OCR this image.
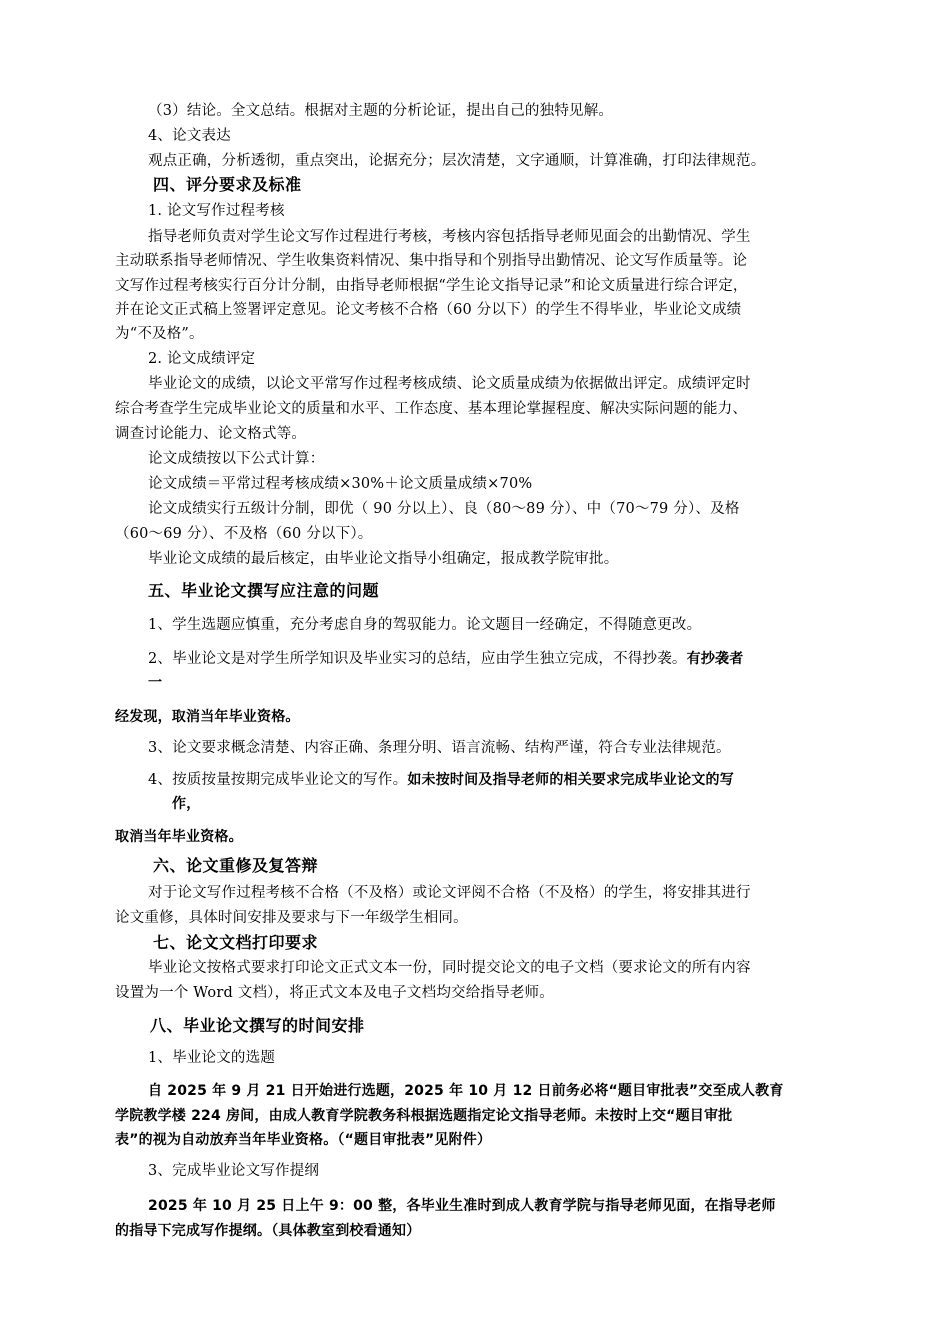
（3）结论。全文总结。根据对主题的分析论证，提出自己的独特见解。
4、论文表达
观点正确，分析透彻，重点突出，论据充分；层次清楚，文字通顺，计算准确，打印法律规范。
四、评分要求及标准
1. 论文写作过程考核
指导老师负责对学生论文写作过程进行考核，考核内容包括指导老师见面会的出勤情况、学生
主动联系指导老师情况、学生收集资料情况、集中指导和个别指导出勤情况、论文写作质量等。论
文写作过程考核实行百分计分制，由指导老师根据“学生论文指导记录”和论文质量进行综合评定，
并在论文正式稿上签署评定意见。论文考核不合格（60 分以下）的学生不得毕业，毕业论文成绩
为“不及格”。
2. 论文成绩评定
毕业论文的成绩，以论文平常写作过程考核成绩、论文质量成绩为依据做出评定。成绩评定时
综合考查学生完成毕业论文的质量和水平、工作态度、基本理论掌握程度、解决实际问题的能力、
调查讨论能力、论文格式等。
论文成绩按以下公式计算：
论文成绩＝平常过程考核成绩×30%＋论文质量成绩×70%
论文成绩实行五级计分制，即优（ 90 分以上）、良（80～89 分）、中（70～79 分）、及格
（60～69 分）、不及格（60 分以下）。
毕业论文成绩的最后核定，由毕业论文指导小组确定，报成教学院审批。
五、毕业论文撰写应注意的问题
1、学生选题应慎重，充分考虑自身的驾驭能力。论文题目一经确定，不得随意更改。
2、毕业论文是对学生所学知识及毕业实习的总结，应由学生独立完成，不得抄袭。有抄袭者
一
经发现，取消当年毕业资格。
3、论文要求概念清楚、内容正确、条理分明、语言流畅、结构严谨，符合专业法律规范。
4、按质按量按期完成毕业论文的写作。如未按时间及指导老师的相关要求完成毕业论文的写
作，
取消当年毕业资格。
六、论文重修及复答辩
对于论文写作过程考核不合格（不及格）或论文评阅不合格（不及格）的学生，将安排其进行
论文重修，具体时间安排及要求与下一年级学生相同。
七、论文文档打印要求
毕业论文按格式要求打印论文正式文本一份，同时提交论文的电子文档（要求论文的所有内容
设置为一个 Word 文档），将正式文本及电子文档均交给指导老师。
八、毕业论文撰写的时间安排
1、毕业论文的选题
自 2025 年 9 月 21 日开始进行选题，2025 年 10 月 12 日前务必将“题目审批表”交至成人教育
学院教学楼 224 房间，由成人教育学院教务科根据选题指定论文指导老师。未按时上交“题目审批
表”的视为自动放弃当年毕业资格。（“题目审批表”见附件）
3、完成毕业论文写作提纲
2025 年 10 月 25 日上午 9：00 整，各毕业生准时到成人教育学院与指导老师见面，在指导老师
的指导下完成写作提纲。（具体教室到校看通知）
